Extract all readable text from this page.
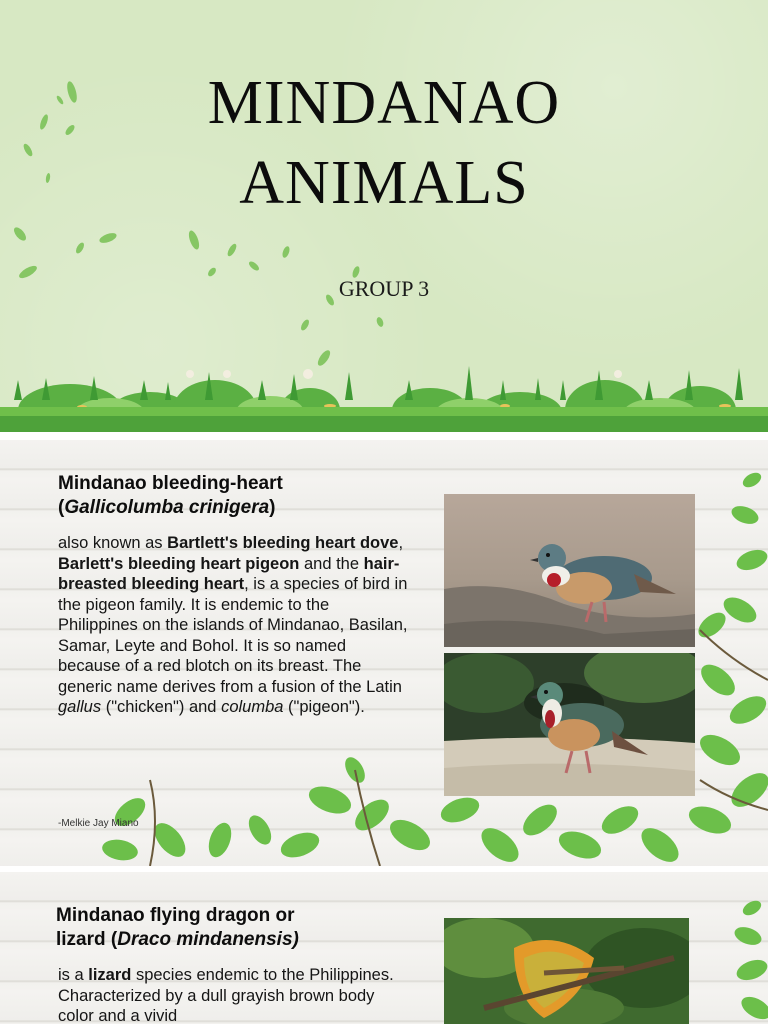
MINDANAO
ANIMALS
GROUP 3
Mindanao bleeding-heart
(Gallicolumba crinigera)
also known as Bartlett's bleeding heart dove, Barlett's bleeding heart pigeon and the hair-breasted bleeding heart, is a species of bird in the pigeon family. It is endemic to the Philippines on the islands of Mindanao, Basilan, Samar, Leyte and Bohol. It is so named because of a red blotch on its breast. The generic name derives from a fusion of the Latin gallus ("chicken") and columba ("pigeon").
-Melkie Jay Miano
Mindanao flying dragon or
lizard (Draco mindanensis)
is a lizard species endemic to the Philippines. Characterized by a dull grayish brown body color and a vivid
